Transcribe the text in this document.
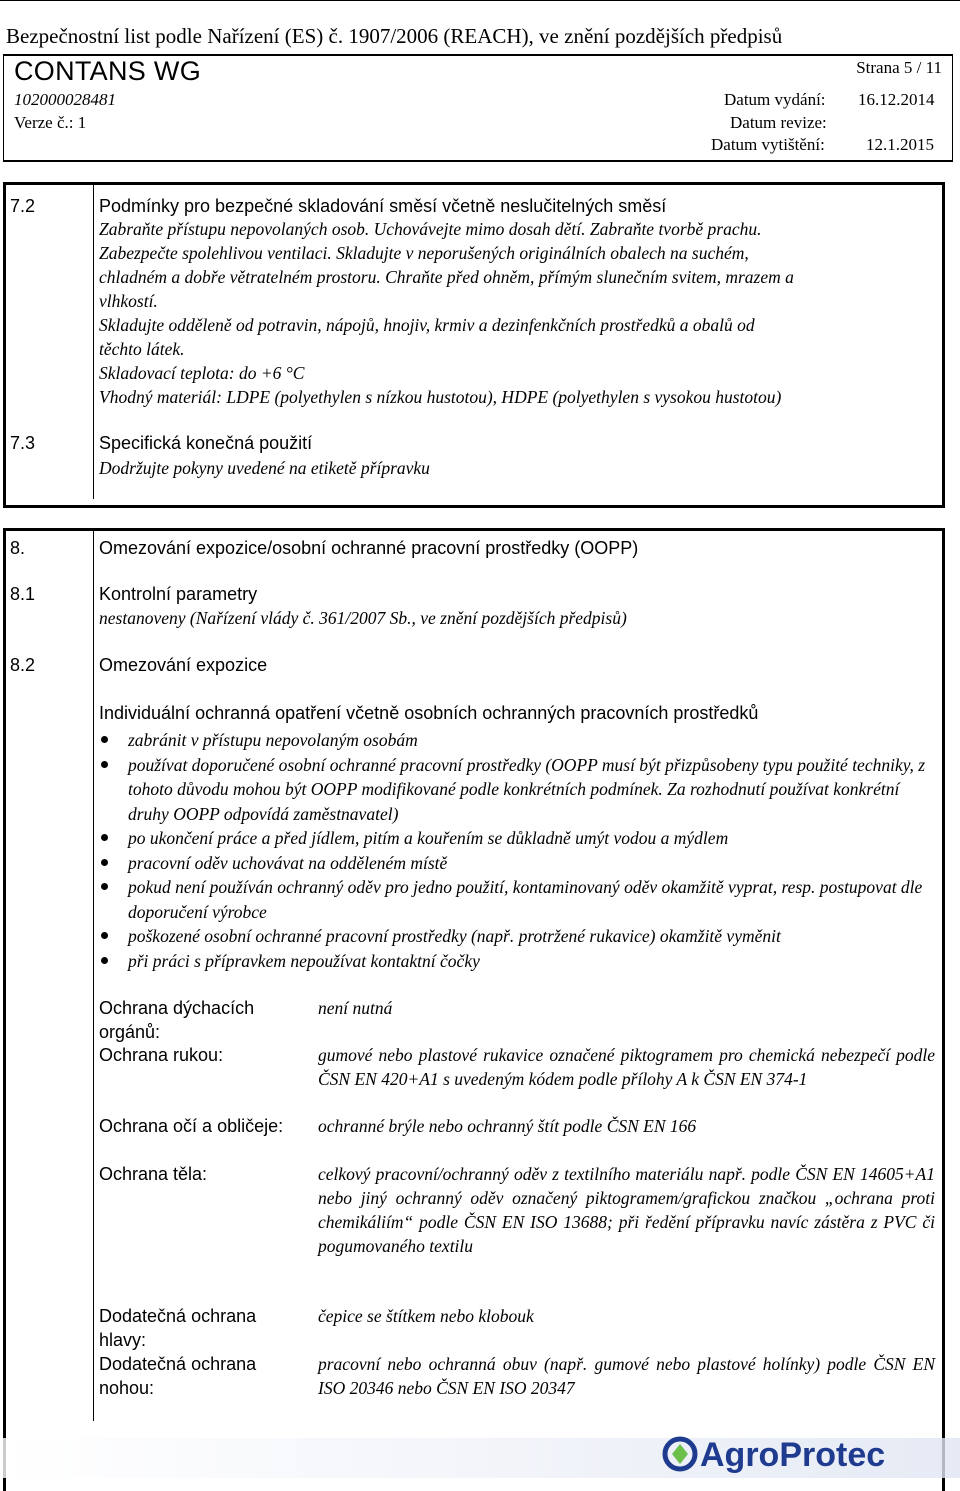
Bezpečnostní list podle Nařízení (ES) č. 1907/2006 (REACH), ve znění pozdějších předpisů
CONTANS WG	Strana 5 / 11
102000028481
Verze č.: 1
Datum vydání: 16.12.2014
Datum revize:
Datum vytištění: 12.1.2015
7.2	Podmínky pro bezpečné skladování směsí včetně neslučitelných směsí
Zabraňte přístupu nepovolaných osob. Uchovávejte mimo dosah dětí. Zabraňte tvorbě prachu.
Zabezpečte spolehlivou ventilaci. Skladujte v neporušených originálních obalech na suchém,
chladném a dobře větratelném prostoru. Chraňte před ohněm, přímým slunečním svitem, mrazem a
vlhkostí.
Skladujte odděleně od potravin, nápojů, hnojiv, krmiv a dezinfenkčních prostředků a obalů od
těchto látek.
Skladovací teplota: do +6 °C
Vhodný materiál: LDPE (polyethylen s nízkou hustotou), HDPE (polyethylen s vysokou hustotou)
7.3	Specifická konečná použití
Dodržujte pokyny uvedené na etiketě přípravku
8.	Omezování expozice/osobní ochranné pracovní prostředky (OOPP)
8.1	Kontrolní parametry
nestanoveny (Nařízení vlády č. 361/2007 Sb., ve znění pozdějších předpisů)
8.2	Omezování expozice
Individuální ochranná opatření včetně osobních ochranných pracovních prostředků
zabránit v přístupu nepovolaným osobám
používat doporučené osobní ochranné pracovní prostředky (OOPP musí být přizpůsobeny typu použité techniky, z tohoto důvodu mohou být OOPP modifikované podle konkrétních podmínek. Za rozhodnutí používat konkrétní druhy OOPP odpovídá zaměstnavatel)
po ukončení práce a před jídlem, pitím a kouřením se důkladně umýt vodou a mýdlem
pracovní oděv uchovávat na odděleném místě
pokud není používán ochranný oděv pro jedno použití, kontaminovaný oděv okamžitě vyprat, resp. postupovat dle doporučení výrobce
poškozené osobní ochranné pracovní prostředky (např. protržené rukavice) okamžitě vyměnit
při práci s přípravkem nepoužívat kontaktní čočky
Ochrana dýchacích orgánů:
není nutná
Ochrana rukou:	gumové nebo plastové rukavice označené piktogramem pro chemická nebezpečí podle ČSN EN 420+A1 s uvedeným kódem podle přílohy A k ČSN EN 374-1
Ochrana očí a obličeje:	ochranné brýle nebo ochranný štít podle ČSN EN 166
Ochrana těla:	celkový pracovní/ochranný oděv z textilního materiálu např. podle ČSN EN 14605+A1 nebo jiný ochranný oděv označený piktogramem/grafickou značkou „ochrana proti chemikáliím“ podle ČSN EN ISO 13688; při ředění přípravku navíc zástěra z PVC či pogumovaného textilu
Dodatečná ochrana hlavy:
čepice se štítkem nebo klobouk
Dodatečná ochrana nohou:
pracovní nebo ochranná obuv (např. gumové nebo plastové holínky) podle ČSN EN ISO 20346 nebo ČSN EN ISO 20347
AgroProtec
